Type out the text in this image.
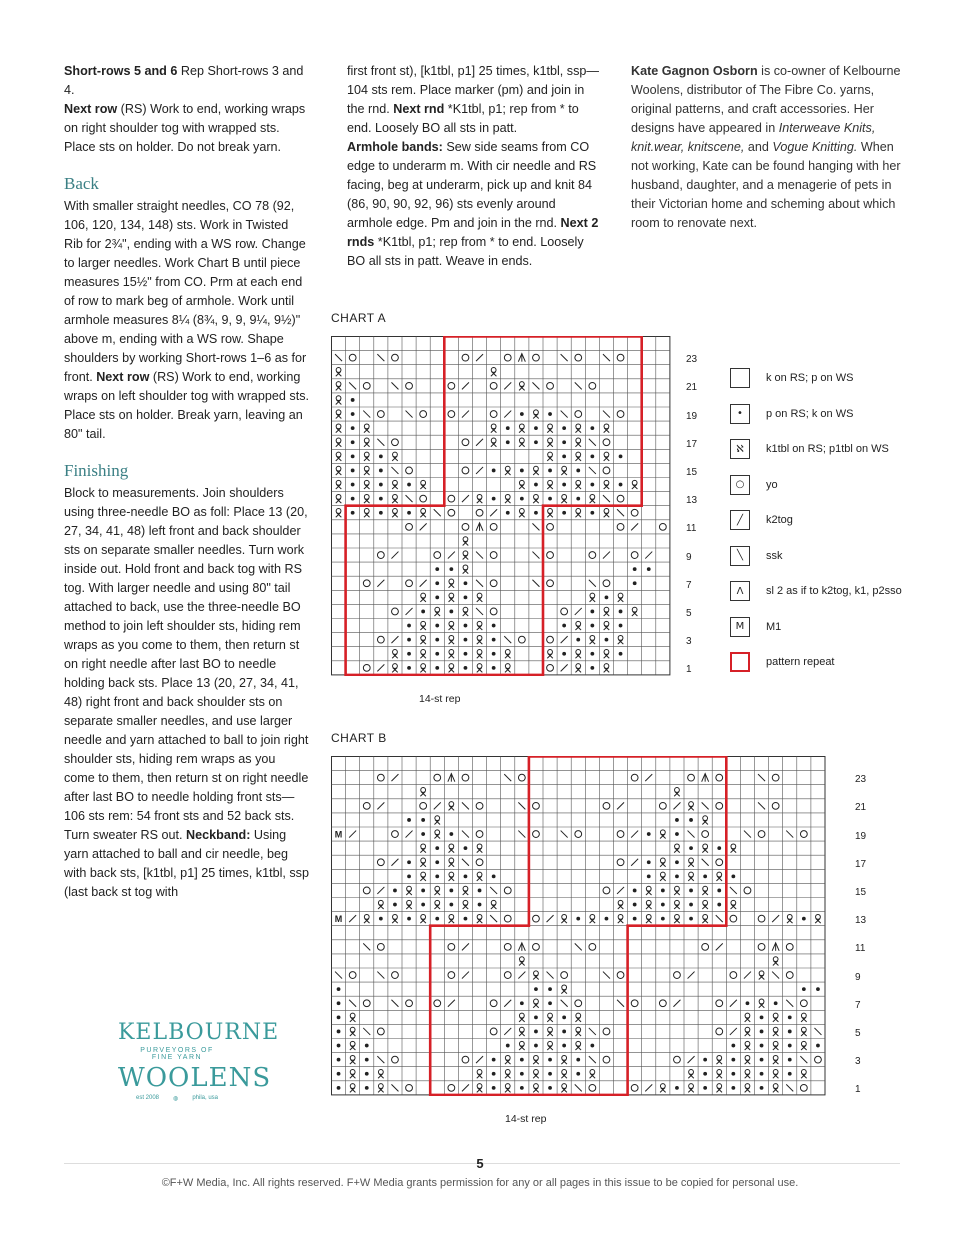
Short-rows 5 and 6 Rep Short-rows 3 and 4.

Next row (RS) Work to end, working wraps on right shoulder tog with wrapped sts. Place sts on holder. Do not break yarn.

Back

With smaller straight needles, CO 78 (92, 106, 120, 134, 148) sts. Work in Twisted Rib for 2¾", ending with a WS row. Change to larger needles. Work Chart B until piece measures 15½" from CO. Prm at each end of row to mark beg of armhole. Work until armhole measures 8¼ (8¾, 9, 9, 9¼, 9½)" above m, ending with a WS row. Shape shoulders by working Short-rows 1–6 as for front. Next row (RS) Work to end, working wraps on left shoulder tog with wrapped sts. Place sts on holder. Break yarn, leaving an 80" tail.

Finishing

Block to measurements. Join shoulders using three-needle BO as foll: Place 13 (20, 27, 34, 41, 48) left front and back shoulder sts on separate smaller needles. Turn work inside out. Hold front and back tog with RS tog. With larger needle and using 80" tail attached to back, use the three-needle BO method to join left shoulder sts, hiding rem wraps as you come to them, then return st on right needle after last BO to needle holding back sts. Place 13 (20, 27, 34, 41, 48) right front and back shoulder sts on separate smaller needles, and use larger needle and yarn attached to ball to join right shoulder sts, hiding rem wraps as you come to them, then return st on right needle after last BO to needle holding front sts—106 sts rem: 54 front sts and 52 back sts. Turn sweater RS out. Neckband: Using yarn attached to ball and cir needle, beg with back sts, [k1tbl, p1] 25 times, k1tbl, ssp (last back st tog with

first front st), [k1tbl, p1] 25 times, k1tbl, ssp—104 sts rem. Place marker (pm) and join in the rnd. Next rnd *K1tbl, p1; rep from * to end. Loosely BO all sts in patt.

Armhole bands: Sew side seams from CO edge to underarm m. With cir needle and RS facing, beg at underarm, pick up and knit 84 (86, 90, 90, 92, 96) sts evenly around armhole edge. Pm and join in the rnd. Next 2 rnds *K1tbl, p1; rep from * to end. Loosely BO all sts in patt. Weave in ends.

Kate Gagnon Osborn is co-owner of Kelbourne Woolens, distributor of The Fibre Co. yarns, original patterns, and craft accessories. Her designs have appeared in Interweave Knits, knit.wear, knitscene, and Vogue Knitting. When not working, Kate can be found hanging with her husband, daughter, and a menagerie of pets in their Victorian home and scheming about which room to renovate next.

CHART A
23
21
19
17
15
13
11
9
7
5
3
1
14-st rep
k on RS; p on WS
•	p on RS; k on WS
ℵ	k1tbl on RS; p1tbl on WS
○	yo
╱	k2tog
╲	ssk
Λ	sl 2 as if to k2tog, k1, p2sso
M	M1
pattern repeat
CHART B
M
M
23
21
19
17
15
13
11
9
7
5
3
1
14-st rep
KELBOURNE
PURVEYORS OF
FINE YARN
WOOLENS
est 2008 ◍ phila, usa
5
©F+W Media, Inc. All rights reserved. F+W Media grants permission for any or all pages in this issue to be copied for personal use.
